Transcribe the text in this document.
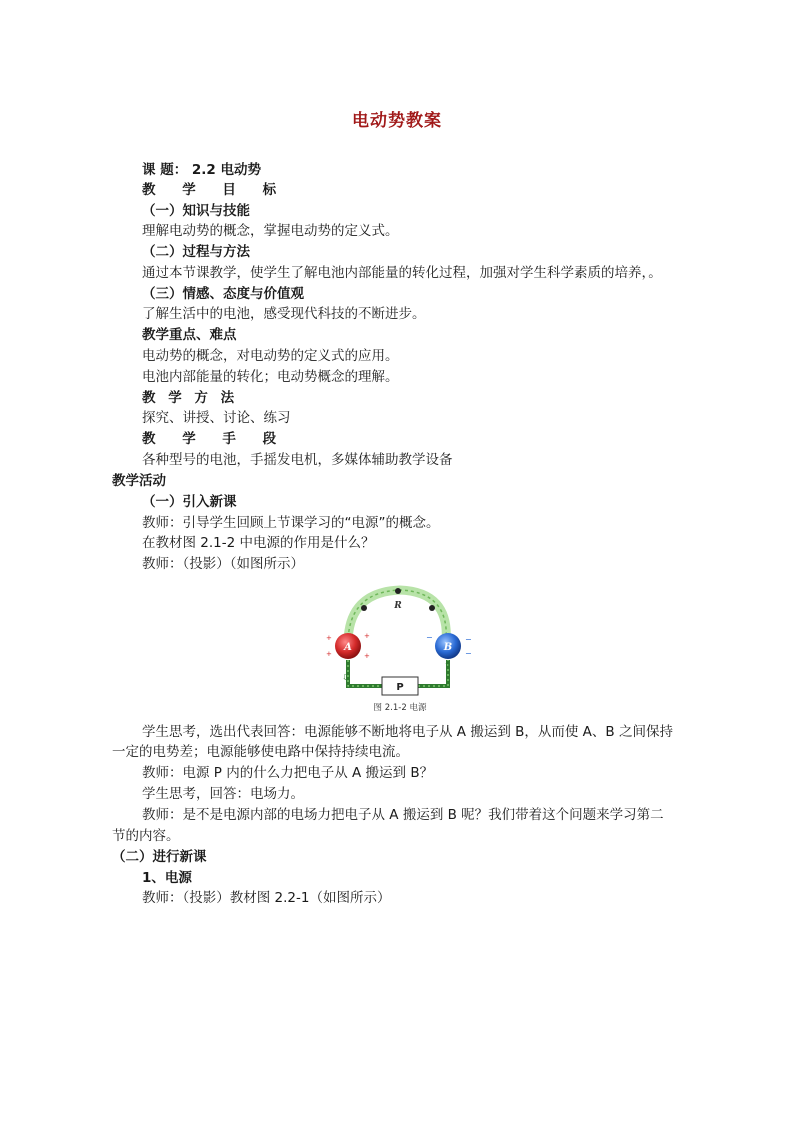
电动势教案
课 题： 2.2 电动势
教 学 目 标
（一）知识与技能
理解电动势的概念，掌握电动势的定义式。
（二）过程与方法
通过本节课教学，使学生了解电池内部能量的转化过程，加强对学生科学素质的培养，。
（三）情感、态度与价值观
了解生活中的电池，感受现代科技的不断进步。
教学重点、难点
电动势的概念，对电动势的定义式的应用。
电池内部能量的转化；电动势概念的理解。
教 学 方 法
探究、讲授、讨论、练习
教 学 手 段
各种型号的电池，手摇发电机，多媒体辅助教学设备
教学活动
（一）引入新课
教师：引导学生回顾上节课学习的“电源”的概念。
在教材图 2.1-2 中电源的作用是什么？
教师：（投影）（如图所示）
⇩
⇧
A
+
+
+
+
B
−
−
−
R
P
图 2.1-2 电源
学生思考，选出代表回答：电源能够不断地将电子从 A 搬运到 B，从而使 A、B 之间保持
一定的电势差；电源能够使电路中保持持续电流。
教师：电源 P 内的什么力把电子从 A 搬运到 B？
学生思考，回答：电场力。
教师：是不是电源内部的电场力把电子从 A 搬运到 B 呢？我们带着这个问题来学习第二
节的内容。
（二）进行新课
1、电源
教师：（投影）教材图 2.2-1（如图所示）
